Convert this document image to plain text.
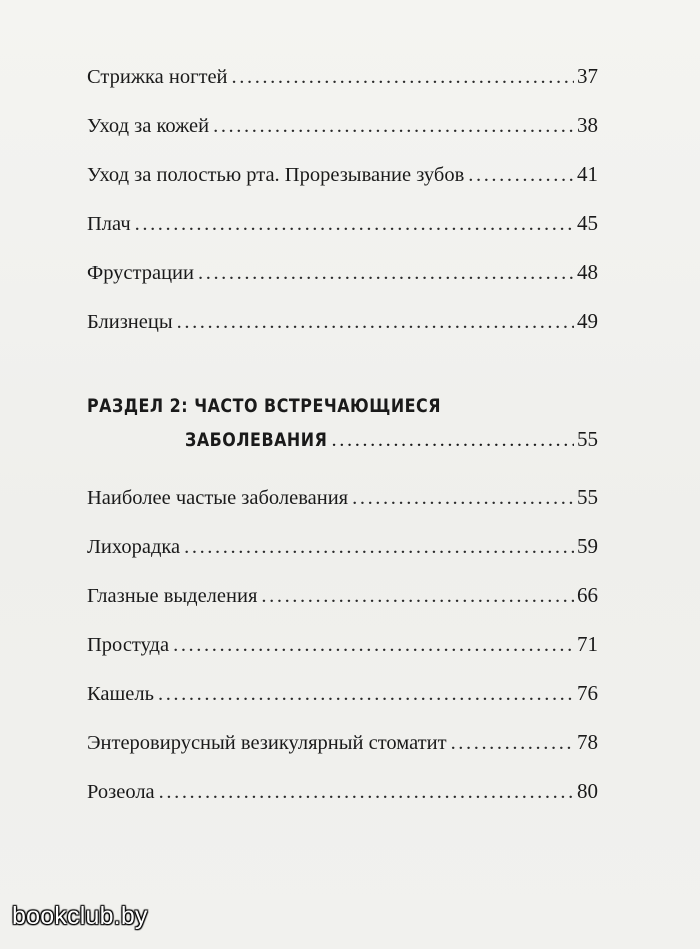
Стрижка ногтей .....	37
Уход за кожей .....	38
Уход за полостью рта. Прорезывание зубов .....	41
Плач .....	45
Фрустрации .....	48
Близнецы .....	49
РАЗДЕЛ 2: ЧАСТО ВСТРЕЧАЮЩИЕСЯ
ЗАБОЛЕВАНИЯ .....	55
Наиболее частые заболевания .....	55
Лихорадка .....	59
Глазные выделения .....	66
Простуда .....	71
Кашель .....	76
Энтеровирусный везикулярный стоматит .....	78
Розеола .....	80
bookclub.by
